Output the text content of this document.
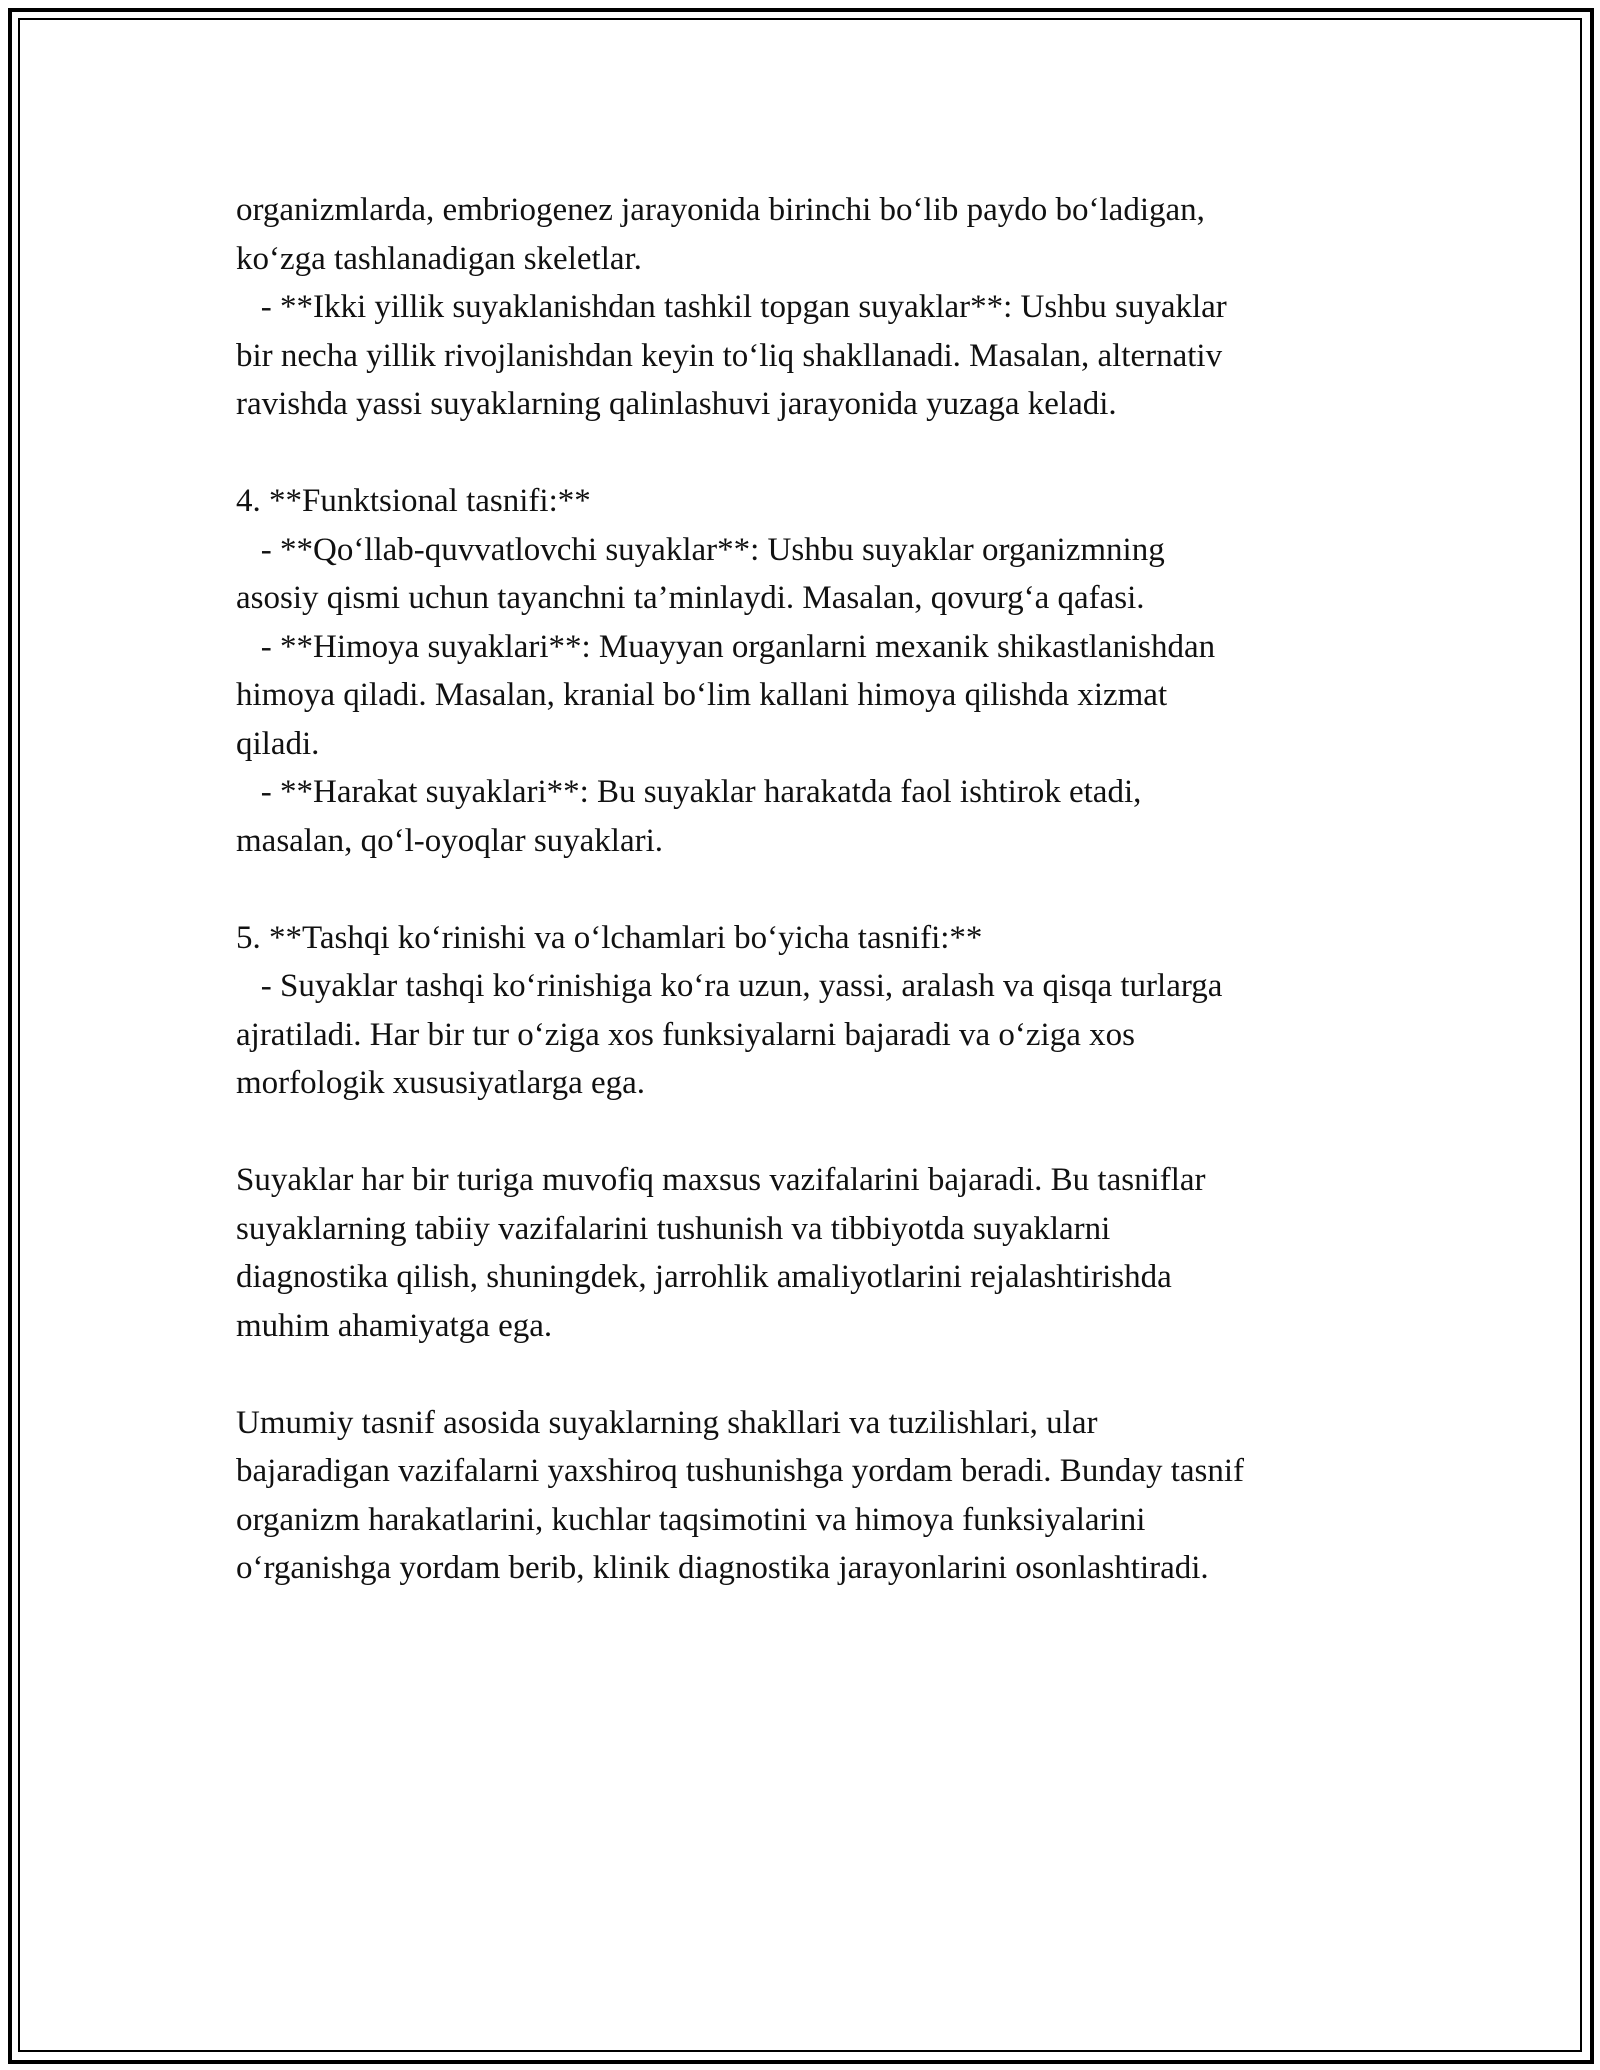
organizmlarda, embriogenez jarayonida birinchi bo‘lib paydo bo‘ladigan,
ko‘zga tashlanadigan skeletlar.
- **Ikki yillik suyaklanishdan tashkil topgan suyaklar**: Ushbu suyaklar
bir necha yillik rivojlanishdan keyin to‘liq shakllanadi. Masalan, alternativ
ravishda yassi suyaklarning qalinlashuvi jarayonida yuzaga keladi.
4. **Funktsional tasnifi:**
- **Qo‘llab-quvvatlovchi suyaklar**: Ushbu suyaklar organizmning
asosiy qismi uchun tayanchni ta’minlaydi. Masalan, qovurg‘a qafasi.
- **Himoya suyaklari**: Muayyan organlarni mexanik shikastlanishdan
himoya qiladi. Masalan, kranial bo‘lim kallani himoya qilishda xizmat
qiladi.
- **Harakat suyaklari**: Bu suyaklar harakatda faol ishtirok etadi,
masalan, qo‘l-oyoqlar suyaklari.
5. **Tashqi ko‘rinishi va o‘lchamlari bo‘yicha tasnifi:**
- Suyaklar tashqi ko‘rinishiga ko‘ra uzun, yassi, aralash va qisqa turlarga
ajratiladi. Har bir tur o‘ziga xos funksiyalarni bajaradi va o‘ziga xos
morfologik xususiyatlarga ega.
Suyaklar har bir turiga muvofiq maxsus vazifalarini bajaradi. Bu tasniflar
suyaklarning tabiiy vazifalarini tushunish va tibbiyotda suyaklarni
diagnostika qilish, shuningdek, jarrohlik amaliyotlarini rejalashtirishda
muhim ahamiyatga ega.
Umumiy tasnif asosida suyaklarning shakllari va tuzilishlari, ular
bajaradigan vazifalarni yaxshiroq tushunishga yordam beradi. Bunday tasnif
organizm harakatlarini, kuchlar taqsimotini va himoya funksiyalarini
o‘rganishga yordam berib, klinik diagnostika jarayonlarini osonlashtiradi.
